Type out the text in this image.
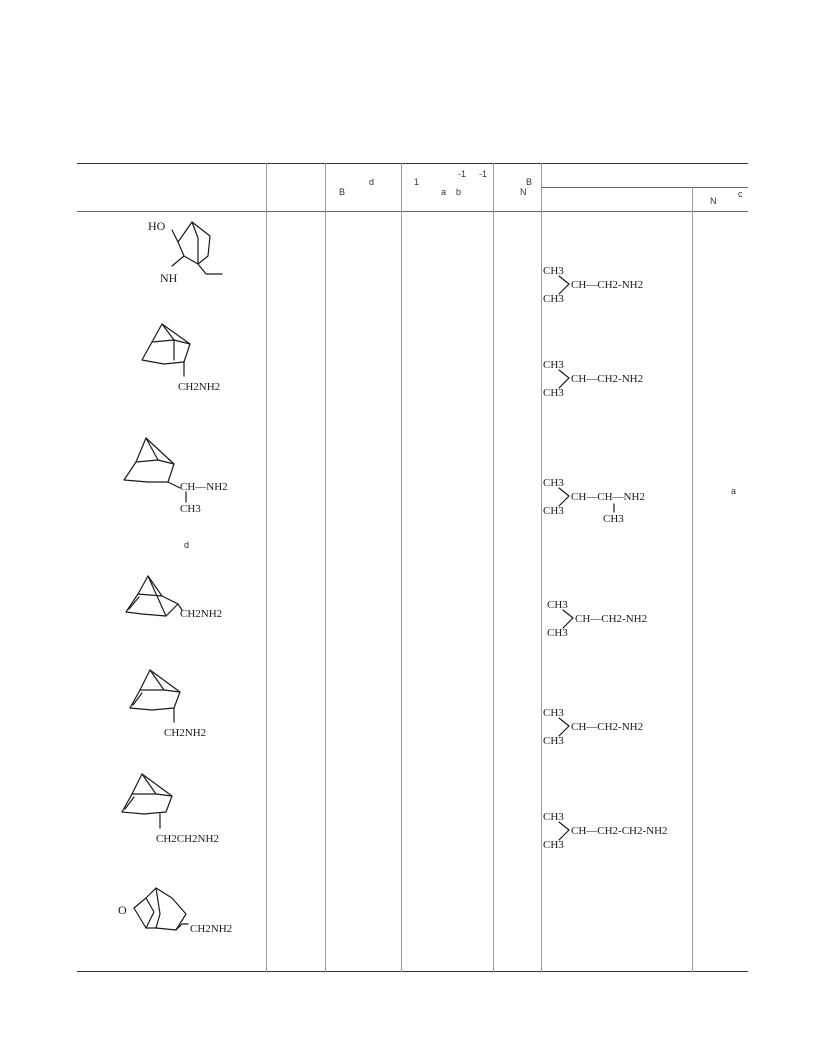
d
B
-1 -1
1
a b
B
N	c
N
d
a
HO
NH
CH2NH2
CH—NH2
CH3
CH2NH2
CH2NH2
CH2CH2NH2
O
CH2NH2
CH3
CH3
CH—CH2-NH2
CH3
CH3
CH—CH2-NH2
CH3
CH3
CH—CH—NH2
CH3
CH3
CH3
CH—CH2-NH2
CH3
CH3
CH—CH2-NH2
CH3
CH3
CH—CH2-CH2-NH2
